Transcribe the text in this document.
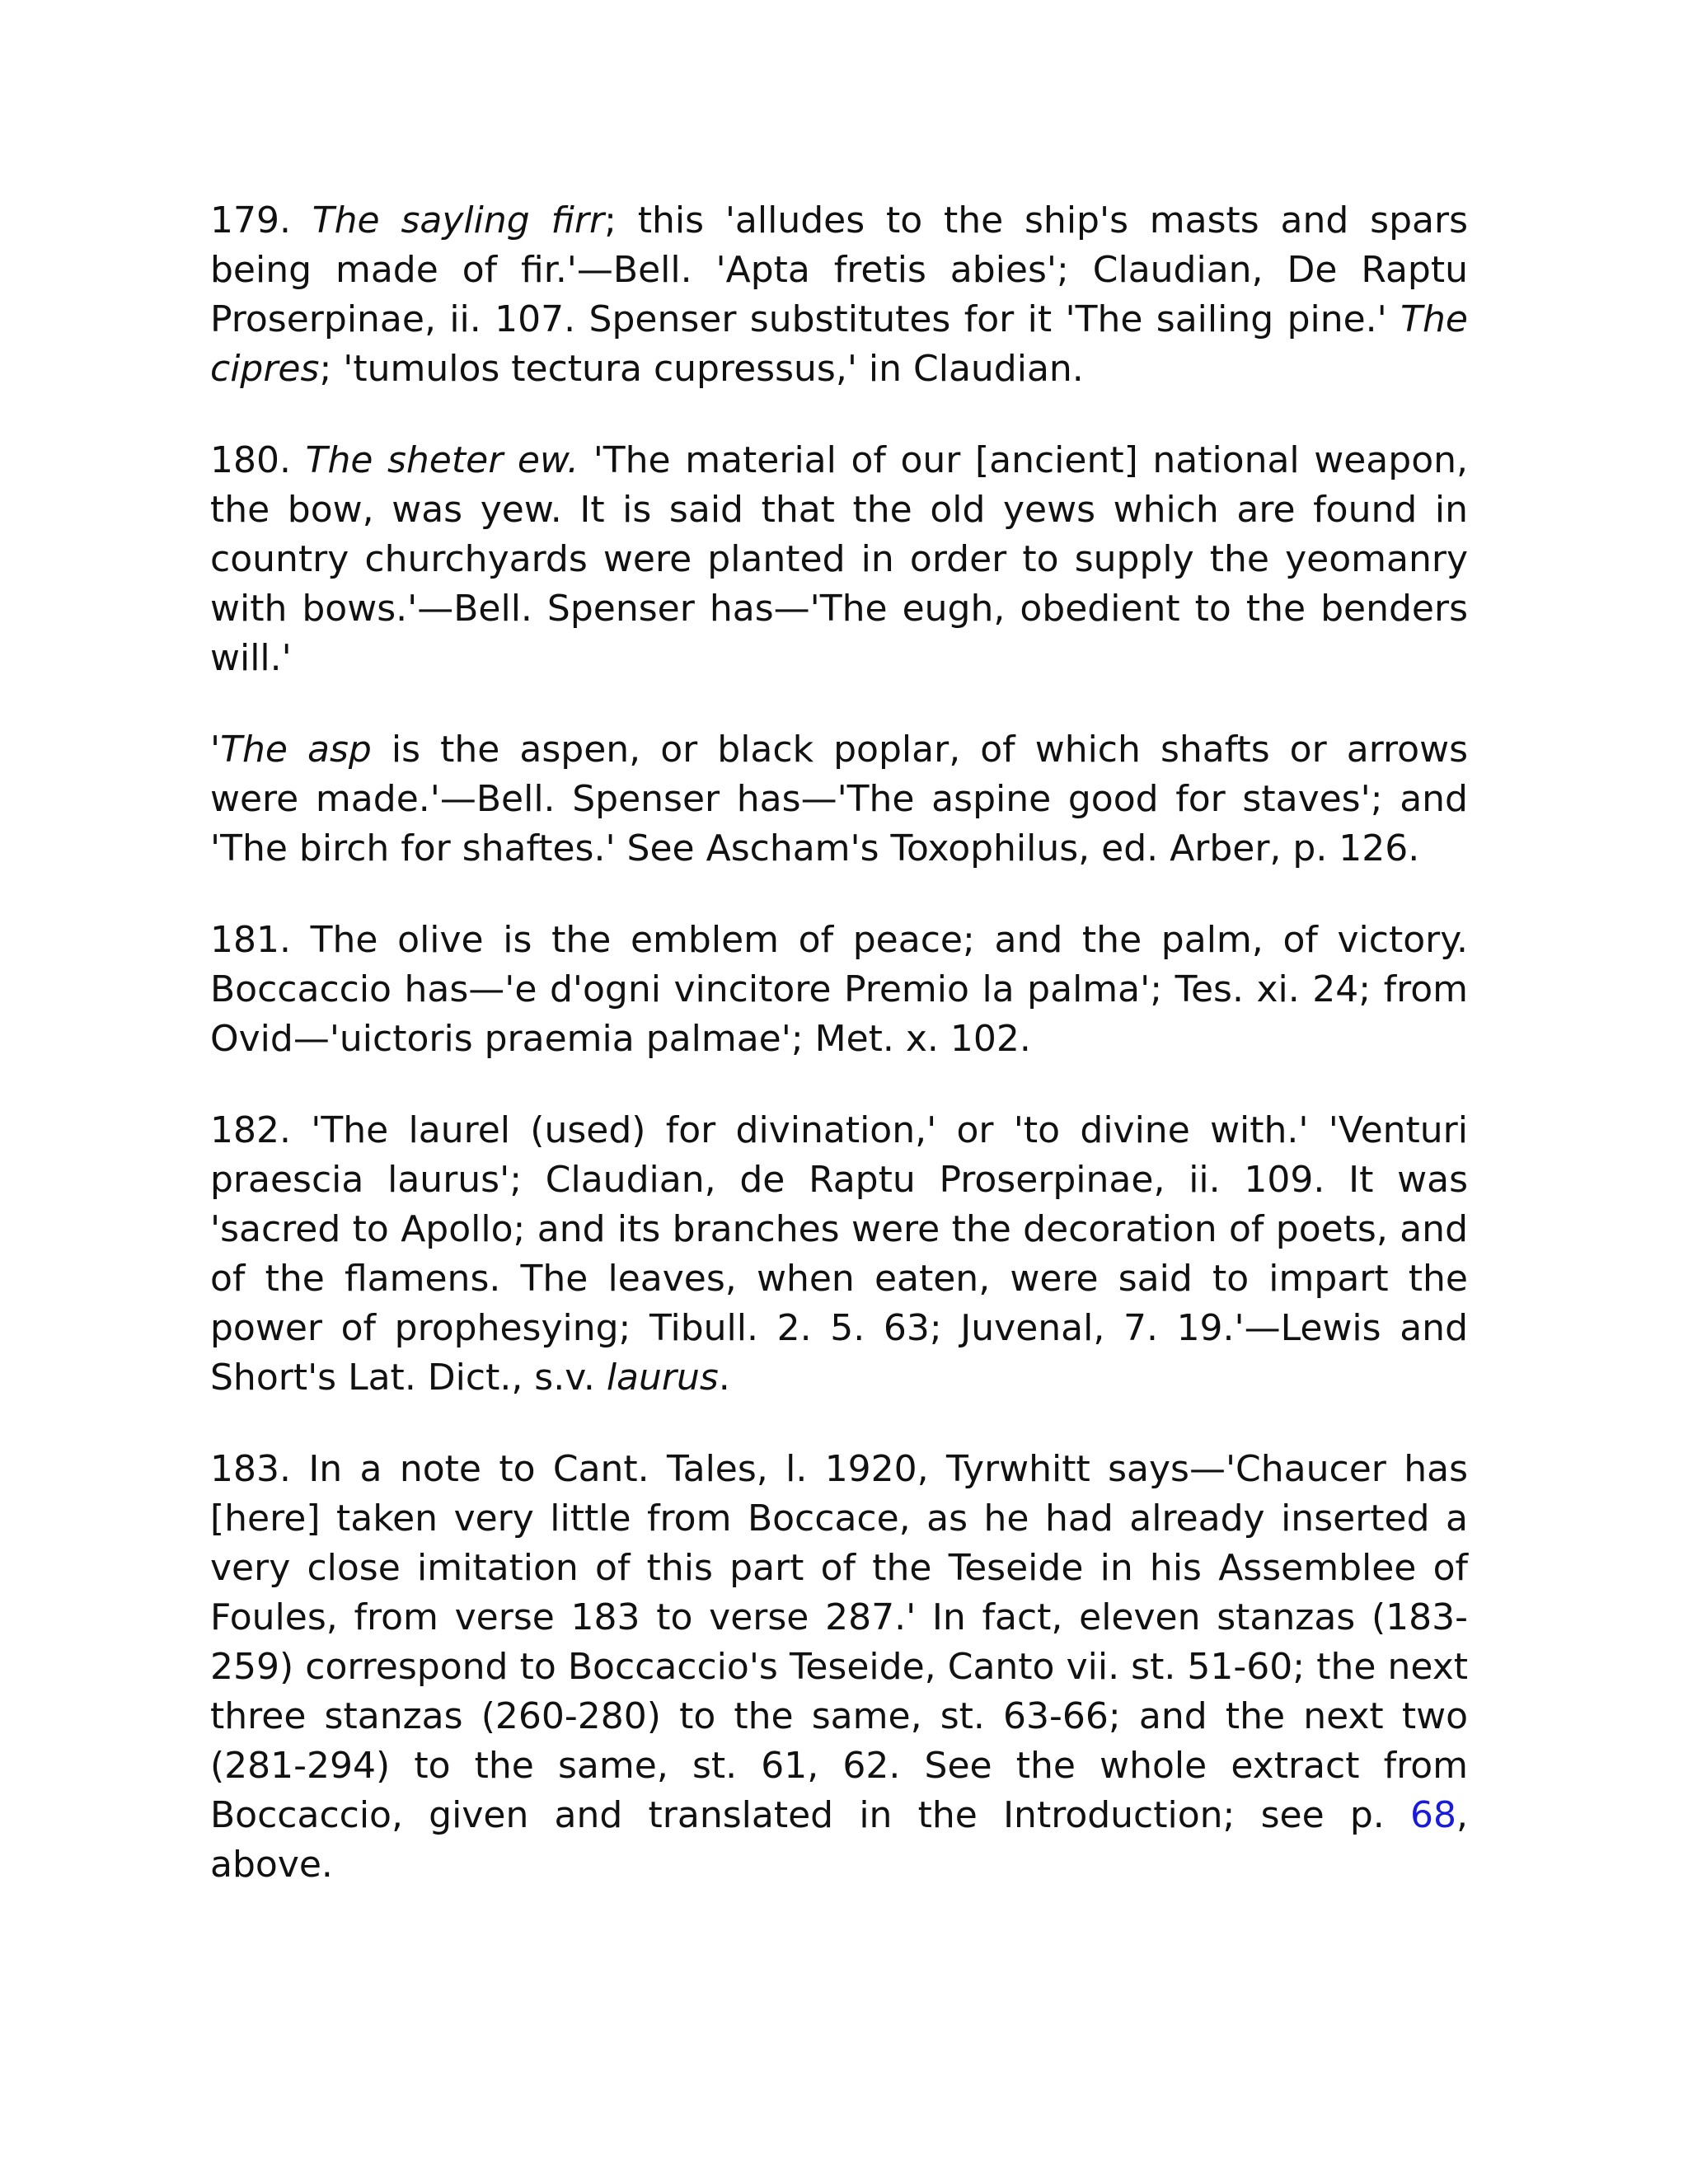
179. The sayling firr; this 'alludes to the ship's masts and spars being made of fir.'—Bell. 'Apta fretis abies'; Claudian, De Raptu Proserpinae, ii. 107. Spenser substitutes for it 'The sailing pine.' The cipres; 'tumulos tectura cupressus,' in Claudian.

180. The sheter ew. 'The material of our [ancient] national weapon, the bow, was yew. It is said that the old yews which are found in country churchyards were planted in order to supply the yeomanry with bows.'—Bell. Spenser has—'The eugh, obedient to the benders will.'

'The asp is the aspen, or black poplar, of which shafts or arrows were made.'—Bell. Spenser has—'The aspine good for staves'; and 'The birch for shaftes.' See Ascham's Toxophilus, ed. Arber, p. 126.

181. The olive is the emblem of peace; and the palm, of victory. Boccaccio has—'e d'ogni vincitore Premio la palma'; Tes. xi. 24; from Ovid—'uictoris praemia palmae'; Met. x. 102.

182. 'The laurel (used) for divination,' or 'to divine with.' 'Venturi praescia laurus'; Claudian, de Raptu Proserpinae, ii. 109. It was 'sacred to Apollo; and its branches were the decoration of poets, and of the flamens. The leaves, when eaten, were said to impart the power of prophesying; Tibull. 2. 5. 63; Juvenal, 7. 19.'—Lewis and Short's Lat. Dict., s.v. laurus.

183. In a note to Cant. Tales, l. 1920, Tyrwhitt says—'Chaucer has [here] taken very little from Boccace, as he had already inserted a very close imitation of this part of the Teseide in his Assemblee of Foules, from verse 183 to verse 287.' In fact, eleven stanzas (183-259) correspond to Boccaccio's Teseide, Canto vii. st. 51-60; the next three stanzas (260-280) to the same, st. 63-66; and the next two (281-294) to the same, st. 61, 62. See the whole extract from Boccaccio, given and translated in the Introduction; see p. 68, above.
